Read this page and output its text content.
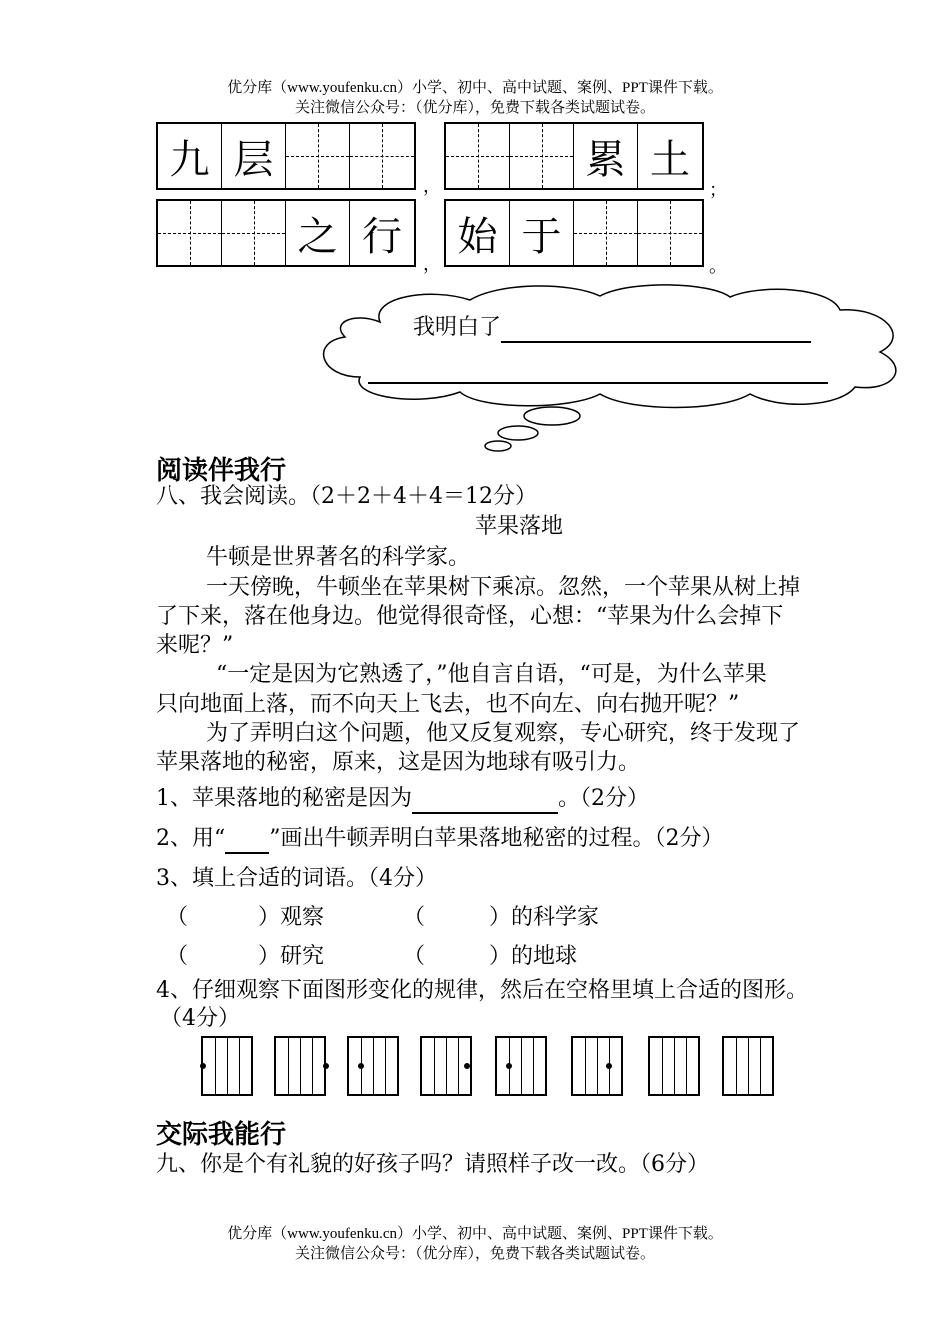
优分库（www.youfenku.cn）小学、初中、高中试题、案例、PPT课件下载。
关注微信公众号：（优分库），免费下载各类试题试卷。
九 层
，
累 土
；
之 行
，
始 于
。
我明白了
阅读伴我行
八、我会阅读。（2＋2＋4＋4＝12分）
苹果落地
牛顿是世界著名的科学家。
一天傍晚，牛顿坐在苹果树下乘凉。忽然，一个苹果从树上掉
了下来，落在他身边。他觉得很奇怪，心想：“苹果为什么会掉下
来呢？”
“一定是因为它熟透了，”他自言自语，“可是，为什么苹果
只向地面上落，而不向天上飞去，也不向左、向右抛开呢？”
为了弄明白这个问题，他又反复观察，专心研究，终于发现了
苹果落地的秘密，原来，这是因为地球有吸引力。
1、苹果落地的秘密是因为	。（2分）
2、用“ ”画出牛顿弄明白苹果落地秘密的过程。（2分）
3、填上合适的词语。（4分）
（	）观察	（	）的科学家
（	）研究	（	）的地球
4、仔细观察下面图形变化的规律，然后在空格里填上合适的图形。
（4分）
交际我能行
九、你是个有礼貌的好孩子吗？请照样子改一改。（6分）
优分库（www.youfenku.cn）小学、初中、高中试题、案例、PPT课件下载。
关注微信公众号：（优分库），免费下载各类试题试卷。
